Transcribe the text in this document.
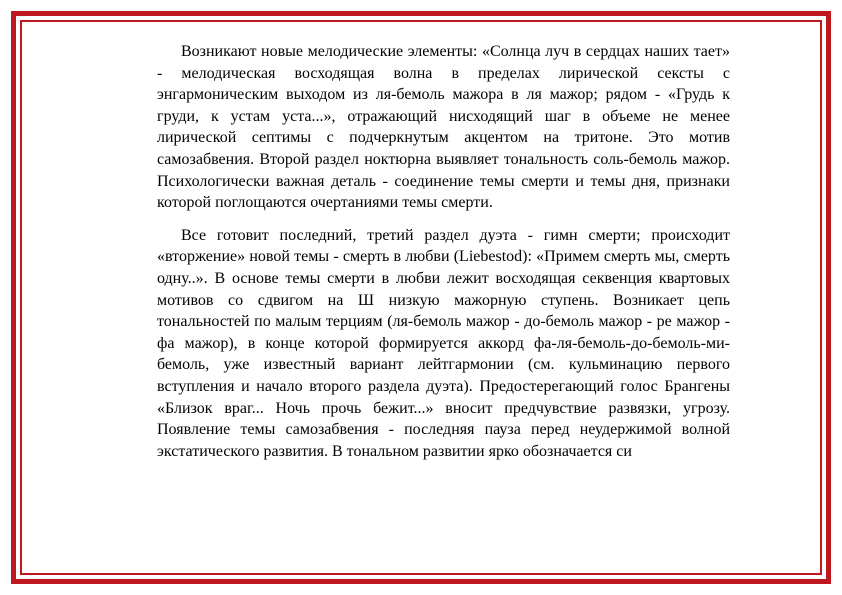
Возникают новые мелодические элементы: «Солнца луч в сердцах наших тает» - мелодическая восходящая волна в пределах лирической сексты с энгармоническим выходом из ля-бемоль мажора в ля мажор; рядом - «Грудь к груди, к устам уста...», отражающий нисходящий шаг в объеме не менее лирической септимы с подчеркнутым акцентом на тритоне. Это мотив самозабвения. Второй раздел ноктюрна выявляет тональность соль-бемоль мажор. Психологически важная деталь - соединение темы смерти и темы дня, признаки которой поглощаются очертаниями темы смерти.

Все готовит последний, третий раздел дуэта - гимн смерти; происходит «вторжение» новой темы - смерть в любви (Liebestod): «Примем смерть мы, смерть одну..». В основе темы смерти в любви лежит восходящая секвенция квартовых мотивов со сдвигом на Ш низкую мажорную ступень. Возникает цепь тональностей по малым терциям (ля-бемоль мажор - до-бемоль мажор - ре мажор - фа мажор), в конце которой формируется аккорд фа-ля-бемоль-до-бемоль-ми-бемоль, уже известный вариант лейтгармонии (см. кульминацию первого вступления и начало второго раздела дуэта). Предостерегающий голос Брангены «Близок враг... Ночь прочь бежит...» вносит предчувствие развязки, угрозу. Появление темы самозабвения - последняя пауза перед неудержимой волной экстатического развития. В тональном развитии ярко обозначается си
